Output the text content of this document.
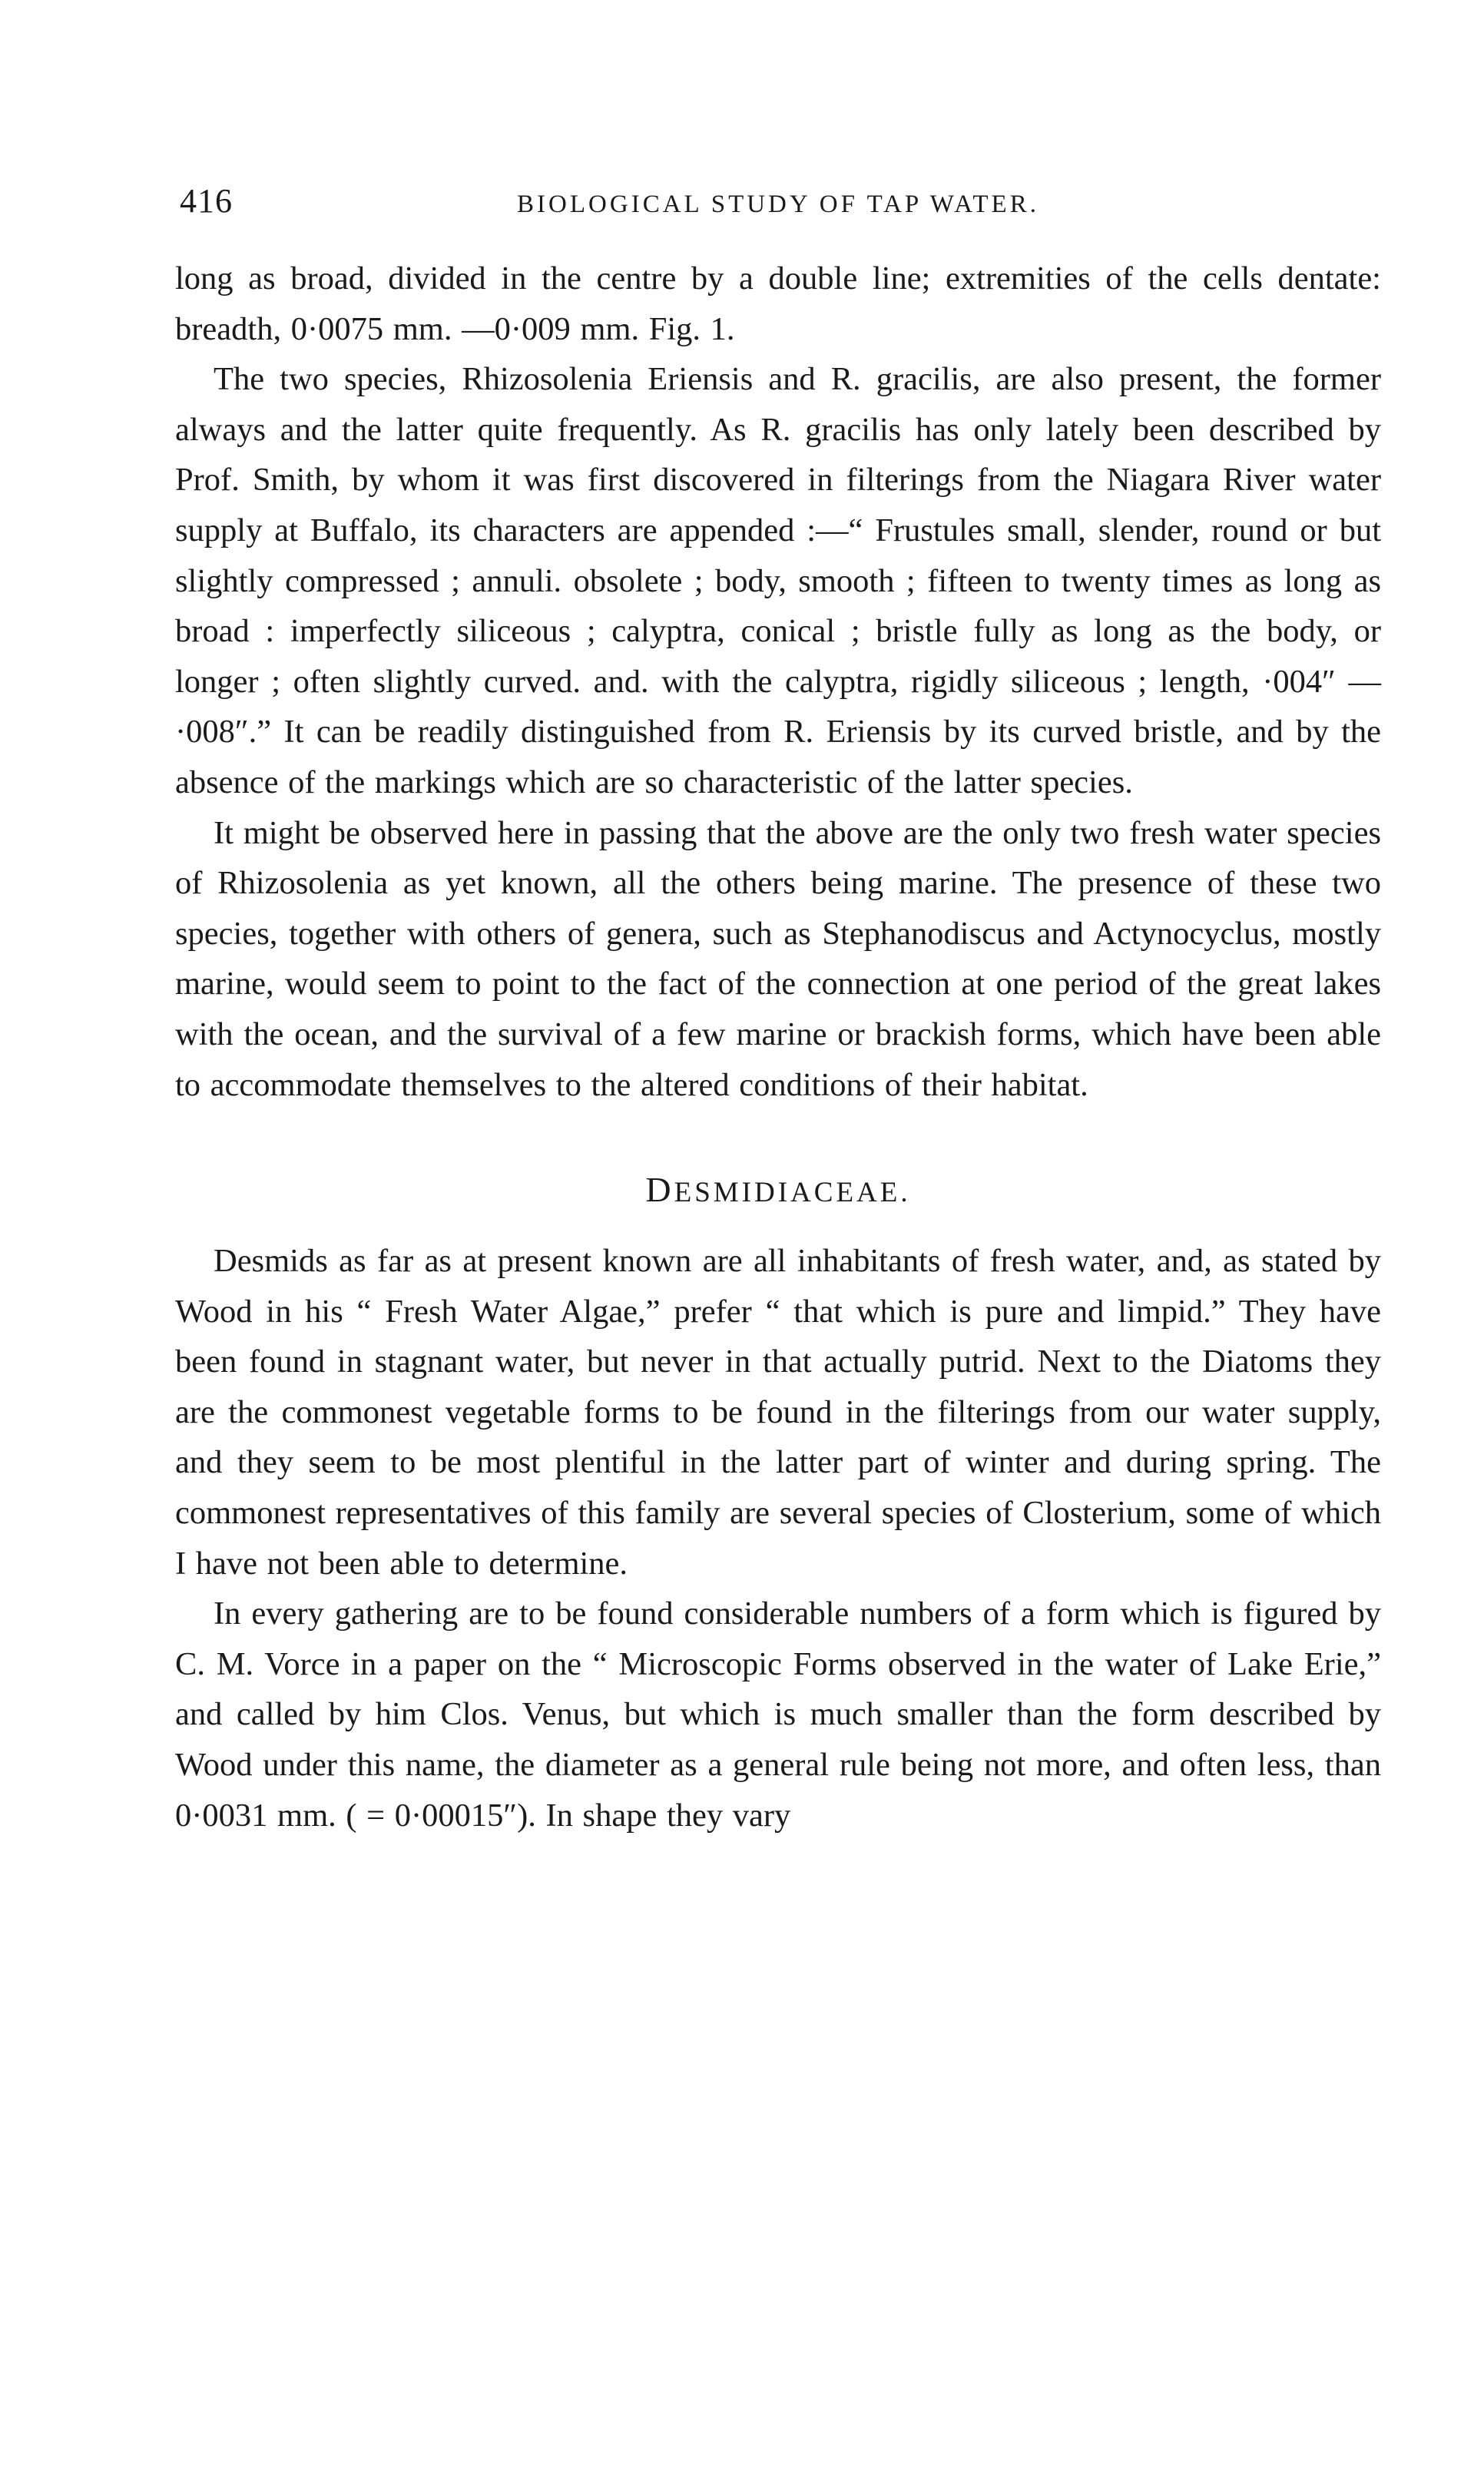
416	BIOLOGICAL STUDY OF TAP WATER.

long as broad, divided in the centre by a double line; extremities of the cells dentate: breadth, 0·0075 mm. —0·009 mm. Fig. 1.

The two species, Rhizosolenia Eriensis and R. gracilis, are also present, the former always and the latter quite frequently. As R. gracilis has only lately been described by Prof. Smith, by whom it was first discovered in filterings from the Niagara River water supply at Buffalo, its characters are appended :—“ Frustules small, slender, round or but slightly compressed ; annuli. obsolete ; body, smooth ; fifteen to twenty times as long as broad : imperfectly siliceous ; calyptra, conical ; bristle fully as long as the body, or longer ; often slightly curved. and. with the calyptra, rigidly siliceous ; length, ·004″ —·008″.” It can be readily distinguished from R. Eriensis by its curved bristle, and by the absence of the markings which are so characteristic of the latter species.

It might be observed here in passing that the above are the only two fresh water species of Rhizosolenia as yet known, all the others being marine. The presence of these two species, together with others of genera, such as Stephanodiscus and Actynocyclus, mostly marine, would seem to point to the fact of the connection at one period of the great lakes with the ocean, and the survival of a few marine or brackish forms, which have been able to accommodate themselves to the altered conditions of their habitat.

DESMIDIACEAE.

Desmids as far as at present known are all inhabitants of fresh water, and, as stated by Wood in his “ Fresh Water Algae,” prefer “ that which is pure and limpid.” They have been found in stagnant water, but never in that actually putrid. Next to the Diatoms they are the commonest vegetable forms to be found in the filterings from our water supply, and they seem to be most plentiful in the latter part of winter and during spring. The commonest representatives of this family are several species of Closterium, some of which I have not been able to determine.

In every gathering are to be found considerable numbers of a form which is figured by C. M. Vorce in a paper on the “ Microscopic Forms observed in the water of Lake Erie,” and called by him Clos. Venus, but which is much smaller than the form described by Wood under this name, the diameter as a general rule being not more, and often less, than 0·0031 mm. ( = 0·00015″). In shape they vary
